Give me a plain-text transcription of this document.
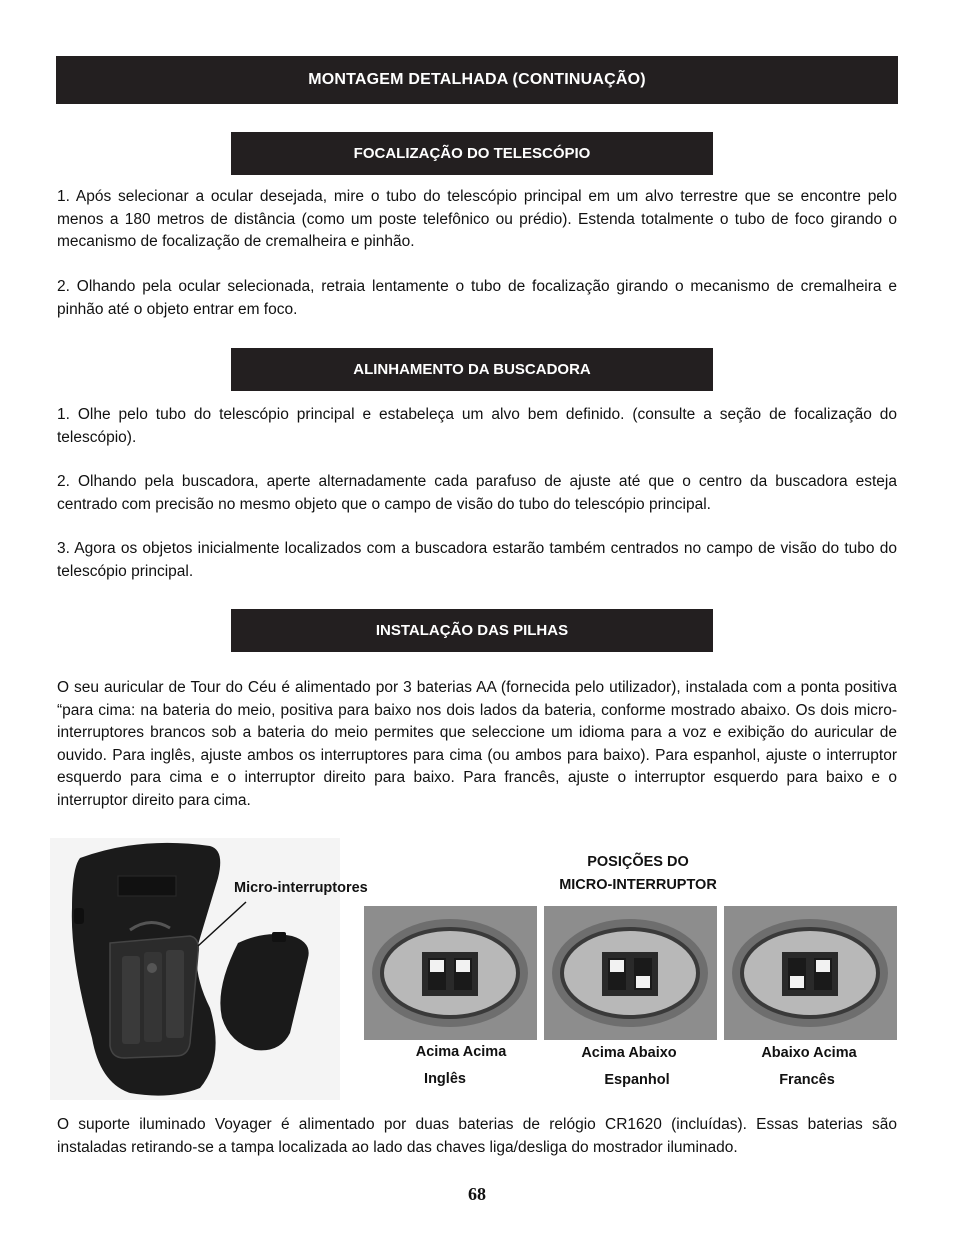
MONTAGEM DETALHADA (CONTINUAÇÃO)
FOCALIZAÇÃO DO TELESCÓPIO

1. Após selecionar a ocular desejada, mire o tubo do telescópio principal em um alvo terrestre que se encontre pelo menos a 180 metros de distância (como um poste telefônico ou prédio). Estenda totalmente o tubo de foco girando o mecanismo de focalização de cremalheira e pinhão.

2. Olhando pela ocular selecionada, retraia lentamente o tubo de focalização girando o mecanismo de cremalheira e pinhão até o objeto entrar em foco.

ALINHAMENTO DA BUSCADORA

1. Olhe pelo tubo do telescópio principal e estabeleça um alvo bem definido. (consulte a seção de focalização do telescópio).

2. Olhando pela buscadora, aperte alternadamente cada parafuso de ajuste até que o centro da buscadora esteja centrado com precisão no mesmo objeto que o campo de visão do tubo do telescópio principal.

3. Agora os objetos inicialmente localizados com a buscadora estarão também centrados no campo de visão do tubo do telescópio principal.

INSTALAÇÃO DAS PILHAS

O seu auricular de Tour do Céu é alimentado por 3 baterias AA (fornecida pelo utilizador), instalada com a ponta positiva “para cima: na bateria do meio, positiva para baixo nos dois lados da bateria, conforme mostrado abaixo. Os dois micro-interruptores brancos sob a bateria do meio permites que seleccione um idioma para a voz e exibição do auricular de ouvido. Para inglês, ajuste ambos os interruptores para cima (ou ambos para baixo). Para espanhol, ajuste o interruptor esquerdo para cima e o interruptor direito para baixo. Para francês, ajuste o interruptor esquerdo para baixo e o interruptor direito para cima.

Micro-interruptores
POSIÇÕES DO
MICRO-INTERRUPTOR
Acima Acima
Inglês
Acima Abaixo
Espanhol
Abaixo Acima
Francês

O suporte iluminado Voyager é alimentado por duas baterias de relógio CR1620 (incluídas). Essas baterias são instaladas retirando-se a tampa localizada ao lado das chaves liga/desliga do mostrador iluminado.

68
